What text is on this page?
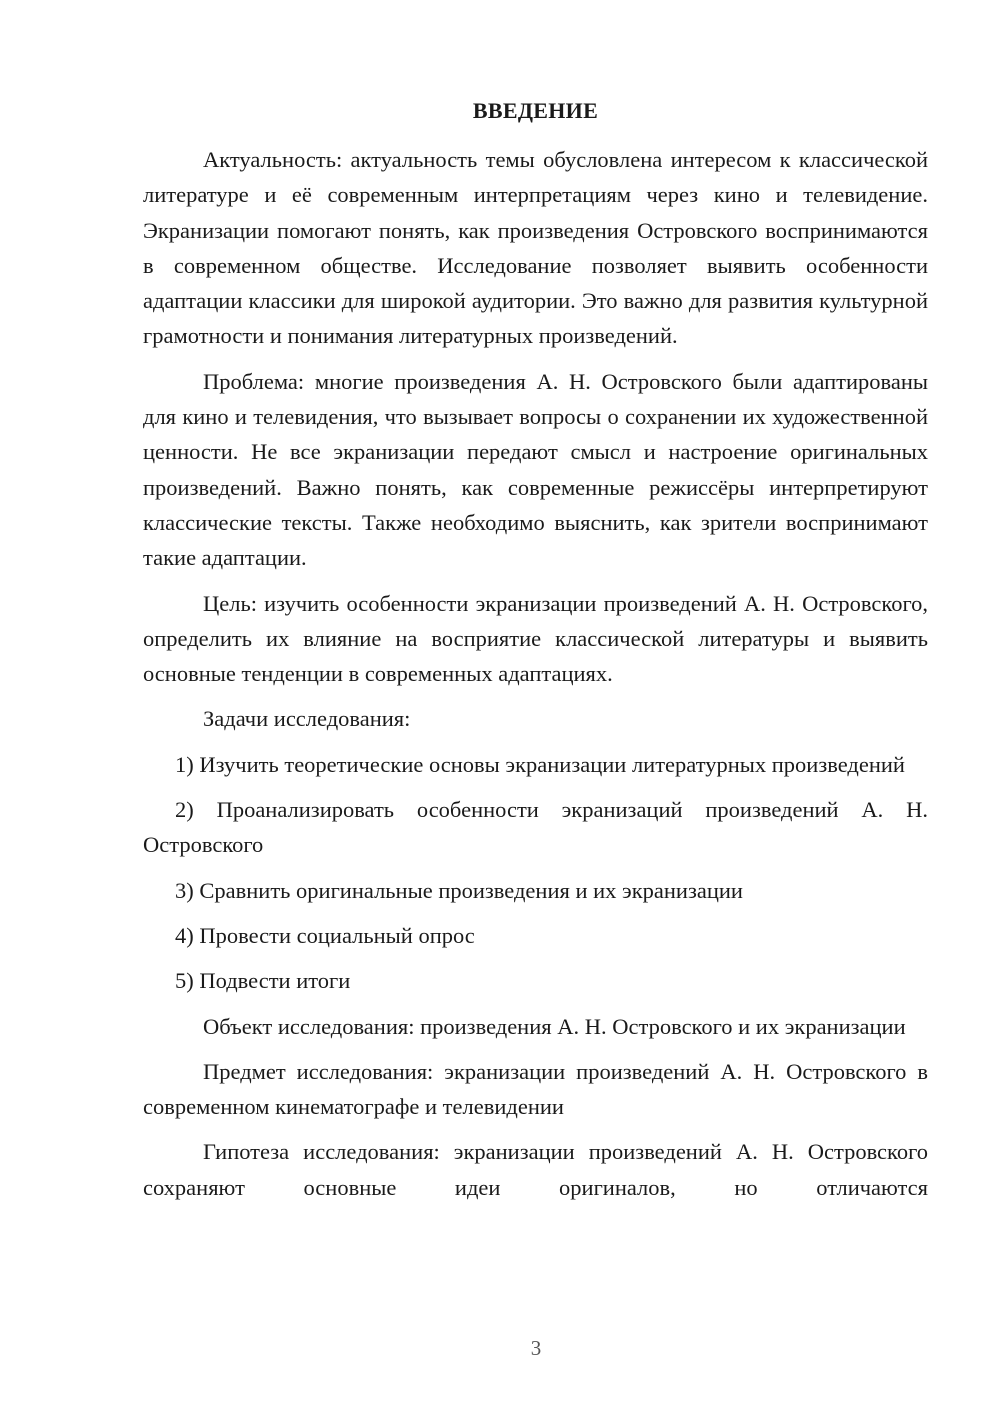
ВВЕДЕНИЕ

Актуальность: актуальность темы обусловлена интересом к классической литературе и её современным интерпретациям через кино и телевидение. Экранизации помогают понять, как произведения Островского воспринимаются в современном обществе. Исследование позволяет выявить особенности адаптации классики для широкой аудитории. Это важно для развития культурной грамотности и понимания литературных произведений.

Проблема: многие произведения А. Н. Островского были адаптированы для кино и телевидения, что вызывает вопросы о сохранении их художественной ценности. Не все экранизации передают смысл и настроение оригинальных произведений. Важно понять, как современные режиссёры интерпретируют классические тексты. Также необходимо выяснить, как зрители воспринимают такие адаптации.

Цель: изучить особенности экранизации произведений А. Н. Островского, определить их влияние на восприятие классической литературы и выявить основные тенденции в современных адаптациях.

Задачи исследования:

1) Изучить теоретические основы экранизации литературных произведений

2) Проанализировать особенности экранизаций произведений А. Н. Островского

3) Сравнить оригинальные произведения и их экранизации

4) Провести социальный опрос

5) Подвести итоги

Объект исследования: произведения А. Н. Островского и их экранизации

Предмет исследования: экранизации произведений А. Н. Островского в современном кинематографе и телевидении

Гипотеза исследования: экранизации произведений А. Н. Островского сохраняют основные идеи оригиналов, но отличаются

3
